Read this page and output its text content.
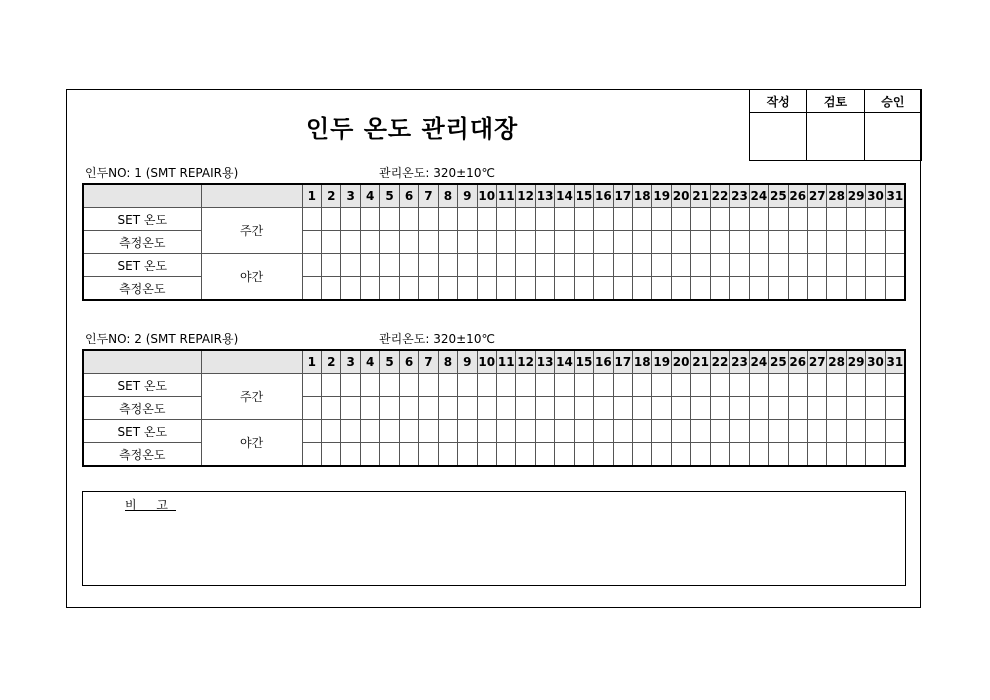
인두 온도 관리대장
작성	검토	승인

인두NO: 1 (SMT REPAIR용)	관리온도: 320±10℃
		1	2	3	4	5	6	7	8	9	10	11	12	13	14	15	16	17	18	19	20	21	22	23	24	25	26	27	28	29	30	31
SET 온도	주간																															
측정온도																																
SET 온도	야간																															
측정온도																																
인두NO: 2 (SMT REPAIR용)	관리온도: 320±10℃
		1	2	3	4	5	6	7	8	9	10	11	12	13	14	15	16	17	18	19	20	21	22	23	24	25	26	27	28	29	30	31
SET 온도	주간																															
측정온도																																
SET 온도	야간																															
측정온도																																
비 고
